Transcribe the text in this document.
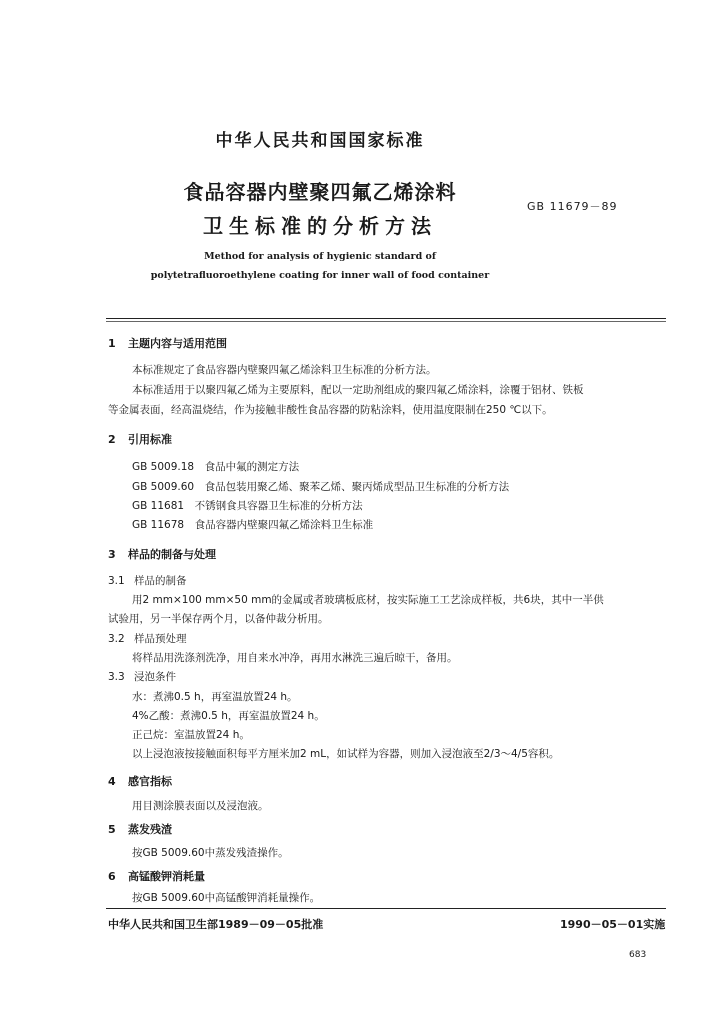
中华人民共和国国家标准
食品容器内壁聚四氟乙烯涂料
卫生标准的分析方法
GB 11679－89
Method for analysis of hygienic standard of
polytetrafluoroethylene coating for inner wall of food container
1 主题内容与适用范围
本标准规定了食品容器内壁聚四氟乙烯涂料卫生标准的分析方法。
本标准适用于以聚四氟乙烯为主要原料，配以一定助剂组成的聚四氟乙烯涂料，涂覆于铝材、铁板
等金属表面，经高温烧结，作为接触非酸性食品容器的防粘涂料，使用温度限制在250 ℃以下。
2 引用标准
GB 5009.18　食品中氟的测定方法
GB 5009.60　食品包装用聚乙烯、聚苯乙烯、聚丙烯成型品卫生标准的分析方法
GB 11681　不锈钢食具容器卫生标准的分析方法
GB 11678　食品容器内壁聚四氟乙烯涂料卫生标准
3 样品的制备与处理
3.1 样品的制备
用2 mm×100 mm×50 mm的金属或者玻璃板底材，按实际施工工艺涂成样板，共6块，其中一半供
试验用，另一半保存两个月，以备仲裁分析用。
3.2 样品预处理
将样品用洗涤剂洗净，用自来水冲净，再用水淋洗三遍后晾干，备用。
3.3 浸泡条件
水：煮沸0.5 h，再室温放置24 h。
4%乙酸：煮沸0.5 h，再室温放置24 h。
正己烷：室温放置24 h。
以上浸泡液按接触面积每平方厘米加2 mL，如试样为容器，则加入浸泡液至2/3～4/5容积。
4 感官指标
用目测涂膜表面以及浸泡液。
5 蒸发残渣
按GB 5009.60中蒸发残渣操作。
6 高锰酸钾消耗量
按GB 5009.60中高锰酸钾消耗量操作。
中华人民共和国卫生部1989－09－05批准	1990－05－01实施
683
